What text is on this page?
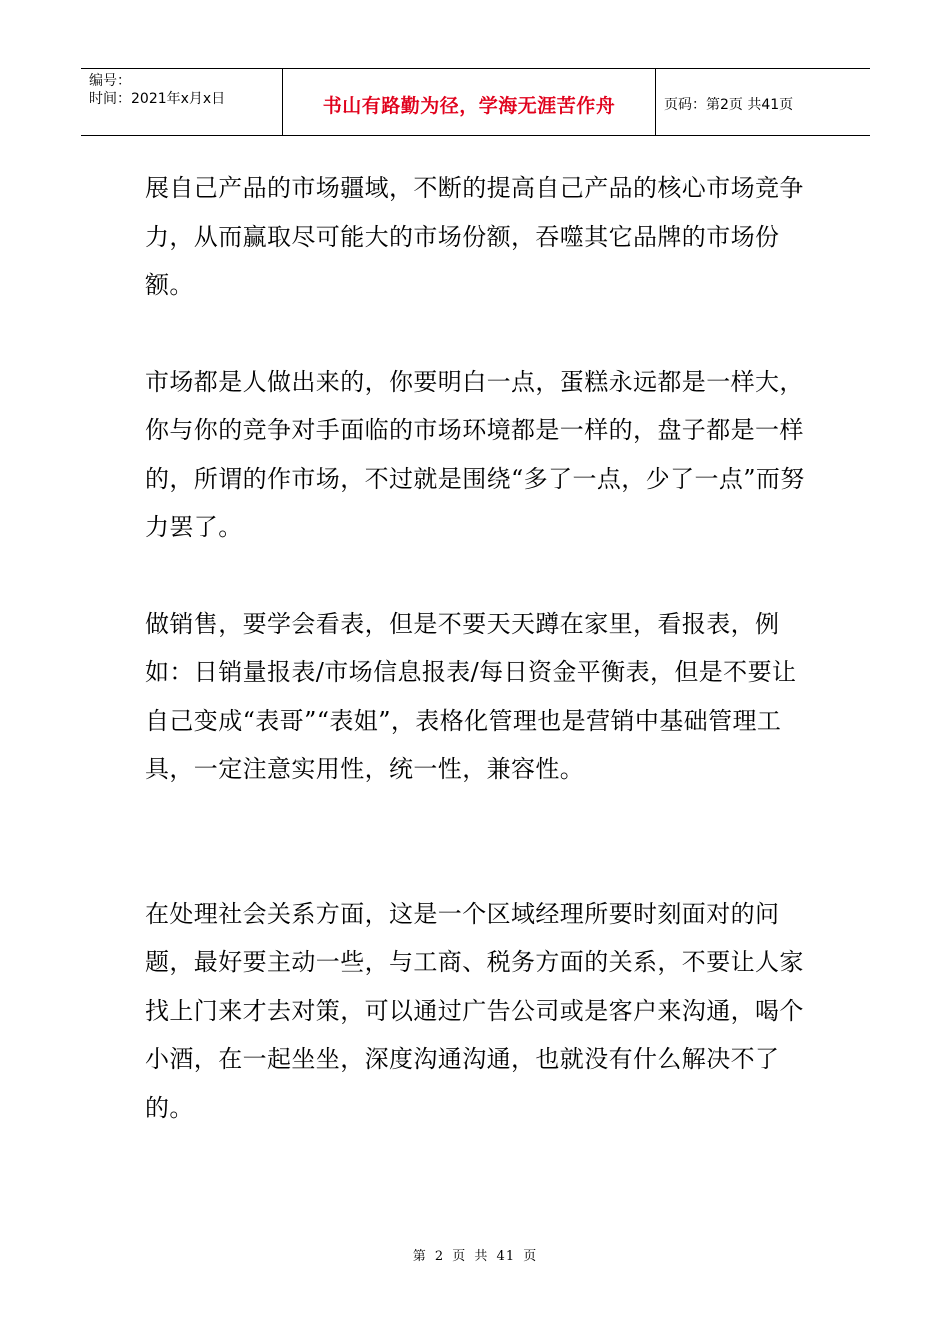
编号：
时间：2021年x月x日	书山有路勤为径，学海无涯苦作舟	页码：第2页 共41页

展自己产品的市场疆域，不断的提高自己产品的核心市场竞争力，从而赢取尽可能大的市场份额，吞噬其它品牌的市场份额。

市场都是人做出来的，你要明白一点，蛋糕永远都是一样大，你与你的竞争对手面临的市场环境都是一样的，盘子都是一样的，所谓的作市场，不过就是围绕“多了一点，少了一点”而努力罢了。

做销售，要学会看表，但是不要天天蹲在家里，看报表，例如：日销量报表/市场信息报表/每日资金平衡表，但是不要让自己变成“表哥”“表姐”，表格化管理也是营销中基础管理工具，一定注意实用性，统一性，兼容性。

在处理社会关系方面，这是一个区域经理所要时刻面对的问题，最好要主动一些，与工商、税务方面的关系，不要让人家找上门来才去对策，可以通过广告公司或是客户来沟通，喝个小酒，在一起坐坐，深度沟通沟通，也就没有什么解决不了的。

第 2 页 共 41 页
